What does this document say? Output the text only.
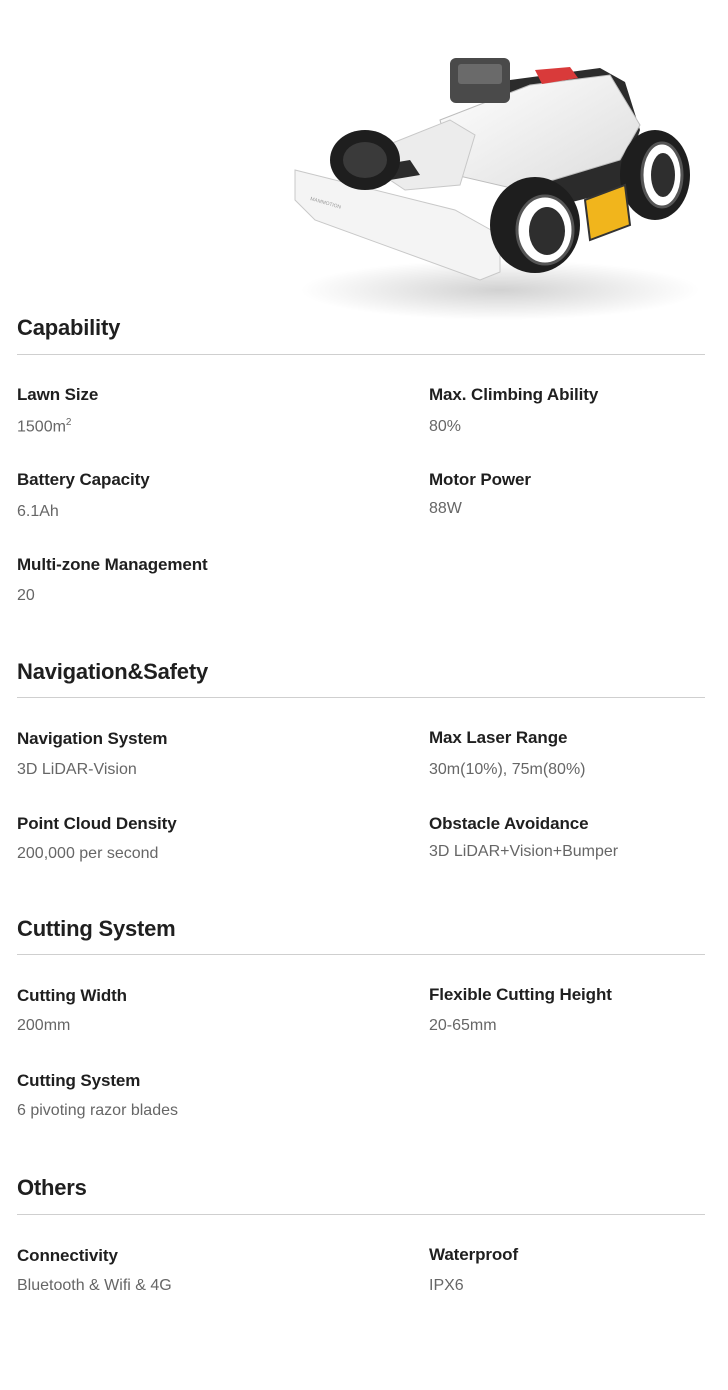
MAMMOTION
Capability
Lawn Size
$1500m^2$
Max. Climbing Ability
80%
Battery Capacity
6.1Ah
Motor Power
88W
Multi-zone Management
20
Navigation&Safety
Navigation System
3D LiDAR-Vision
Max Laser Range
30m(10%), 75m(80%)
Point Cloud Density
200,000 per second
Obstacle Avoidance
3D LiDAR+Vision+Bumper
Cutting System
Cutting Width
200mm
Flexible Cutting Height
20-65mm
Cutting System
6 pivoting razor blades
Others
Connectivity
Bluetooth & Wifi & 4G
Waterproof
IPX6
